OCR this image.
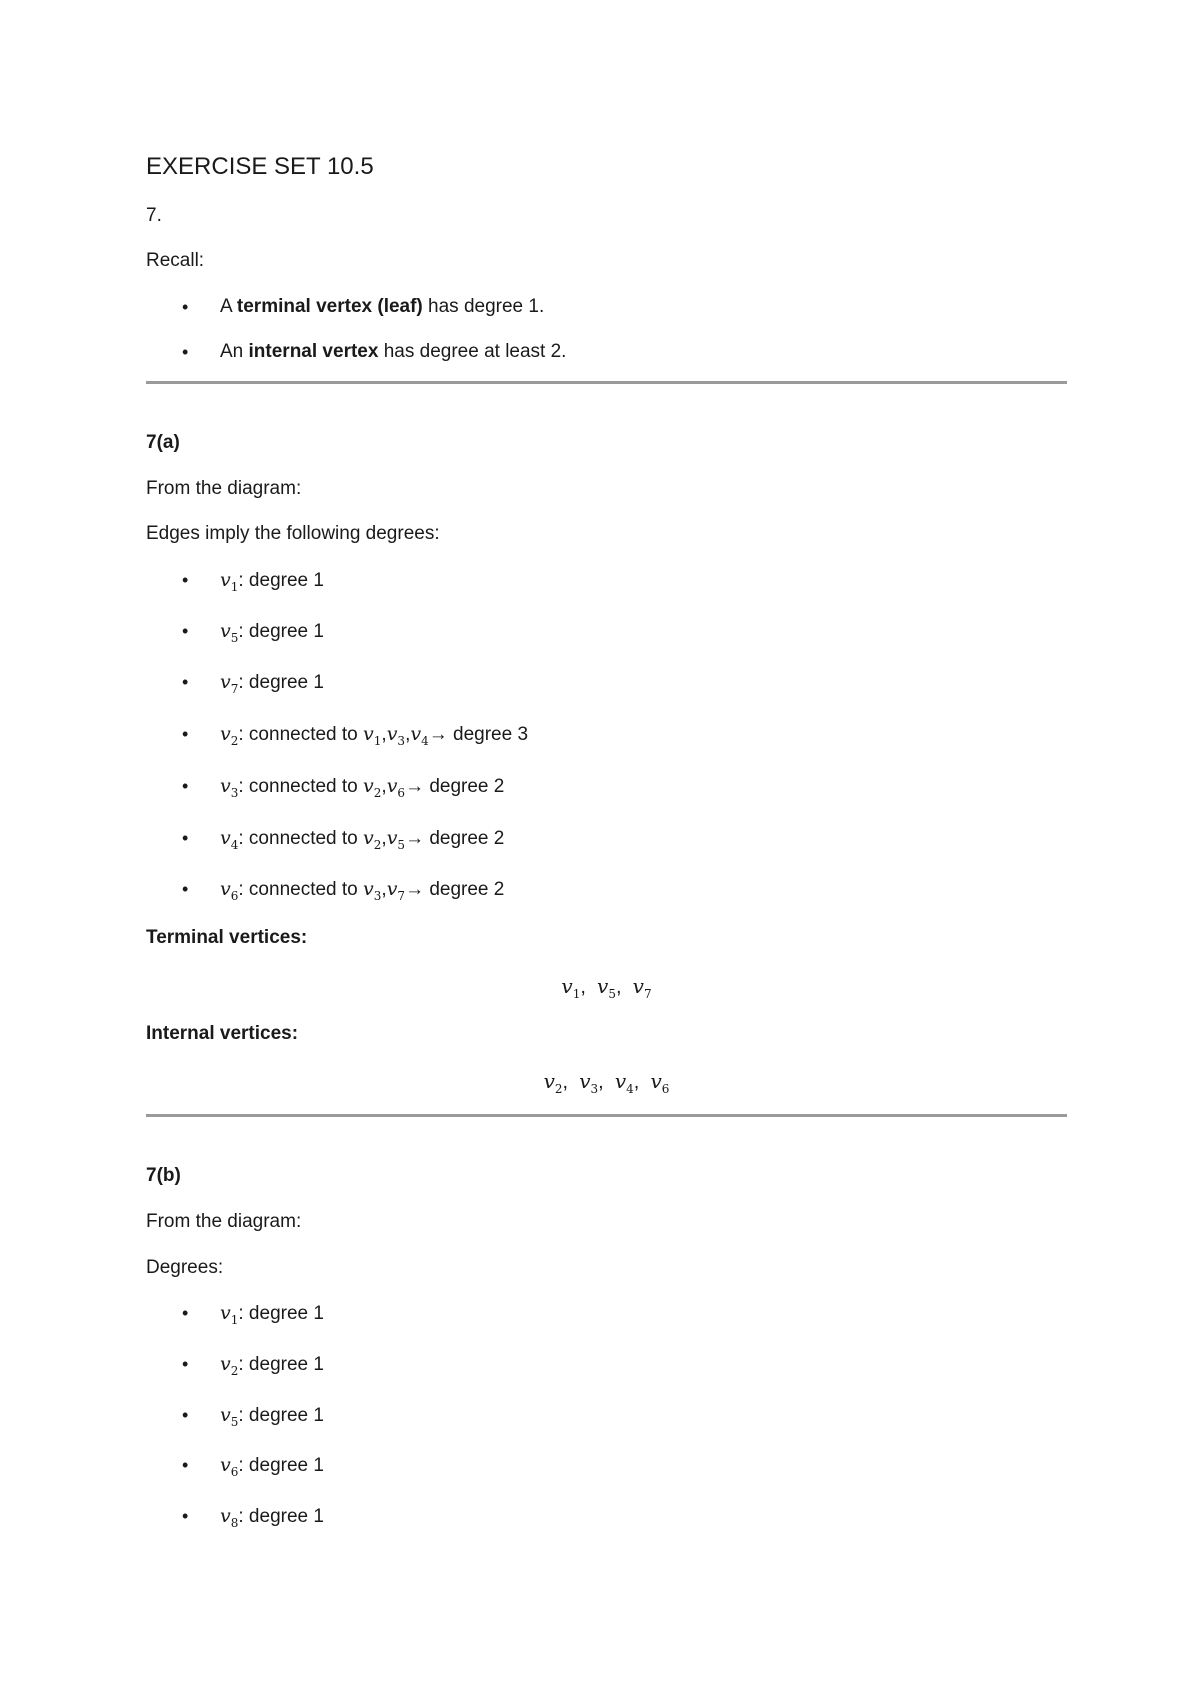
EXERCISE SET 10.5
7.
Recall:
• A terminal vertex (leaf) has degree 1.
• An internal vertex has degree at least 2.
7(a)
From the diagram:
Edges imply the following degrees:
• $v_1$: degree 1
• $v_5$: degree 1
• $v_7$: degree 1
• $v_2$: connected to $v_1,v_3,v_4\to$ degree 3
• $v_3$: connected to $v_2,v_6\to$ degree 2
• $v_4$: connected to $v_2,v_5\to$ degree 2
• $v_6$: connected to $v_3,v_7\to$ degree 2
Terminal vertices:
$v_1$, $v_5$, $v_7$
Internal vertices:
$v_2$, $v_3$, $v_4$, $v_6$
7(b)
From the diagram:
Degrees:
• $v_1$: degree 1
• $v_2$: degree 1
• $v_5$: degree 1
• $v_6$: degree 1
• $v_8$: degree 1
